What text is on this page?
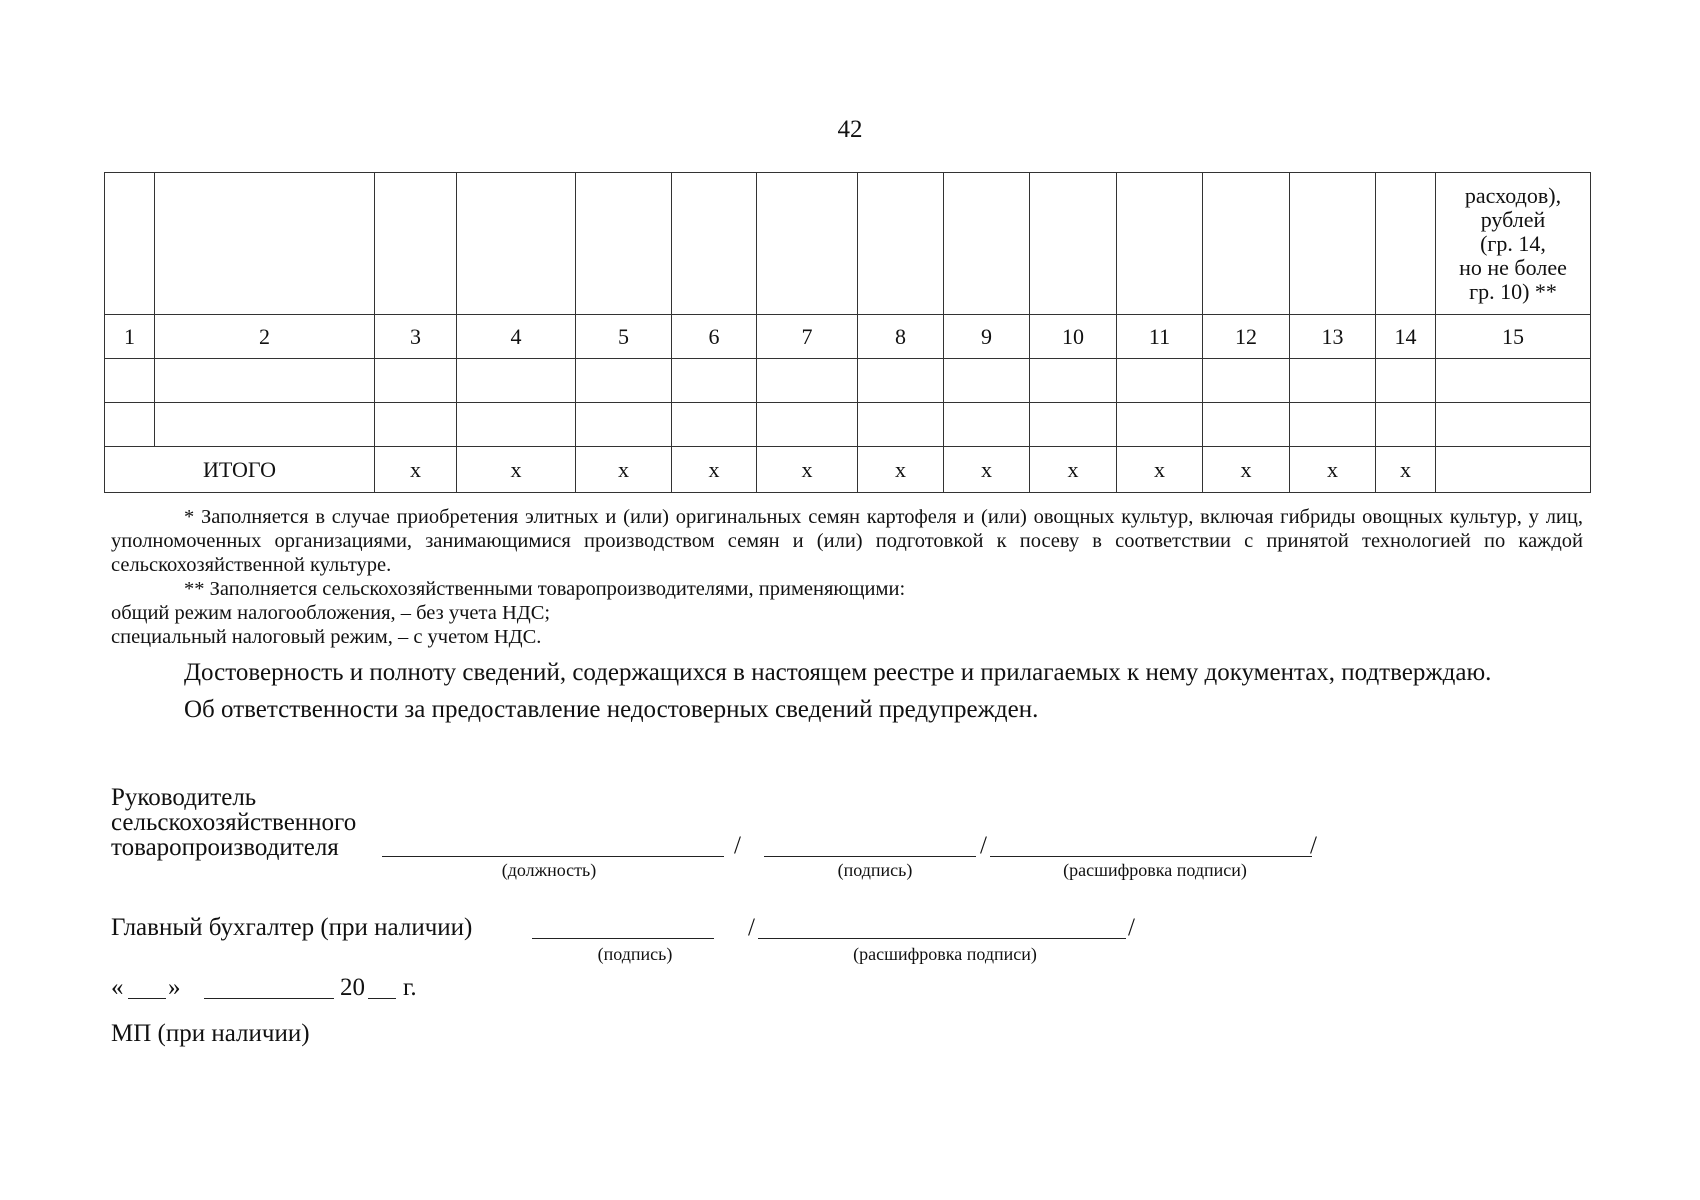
42

														расходов),
рублей
(гр. 14,
но не более
гр. 10) **

1	2	3	4	5	6	7	8	9	10	11	12	13	14	15

ИТОГО		х	х	х	х	х	х	х	х	х	х	х	х	

* Заполняется в случае приобретения элитных и (или) оригинальных семян картофеля и (или) овощных культур, включая гибриды овощных культур, у лиц, уполномоченных организациями, занимающимися производством семян и (или) подготовкой к посеву в соответствии с принятой технологией по каждой сельскохозяйственной культуре.

** Заполняется сельскохозяйственными товаропроизводителями, применяющими:

общий режим налогообложения, – без учета НДС;

специальный налоговый режим, – с учетом НДС.

Достоверность и полноту сведений, содержащихся в настоящем реестре и прилагаемых к нему документах, подтверждаю.

Об ответственности за предоставление недостоверных сведений предупрежден.

Руководитель
сельскохозяйственного
товаропроизводителя	/	/	/
(должность)	(подпись)	(расшифровка подписи)
Главный бухгалтер (при наличии)	/	/
(подпись)	(расшифровка подписи)
« »	20 г.
МП (при наличии)
